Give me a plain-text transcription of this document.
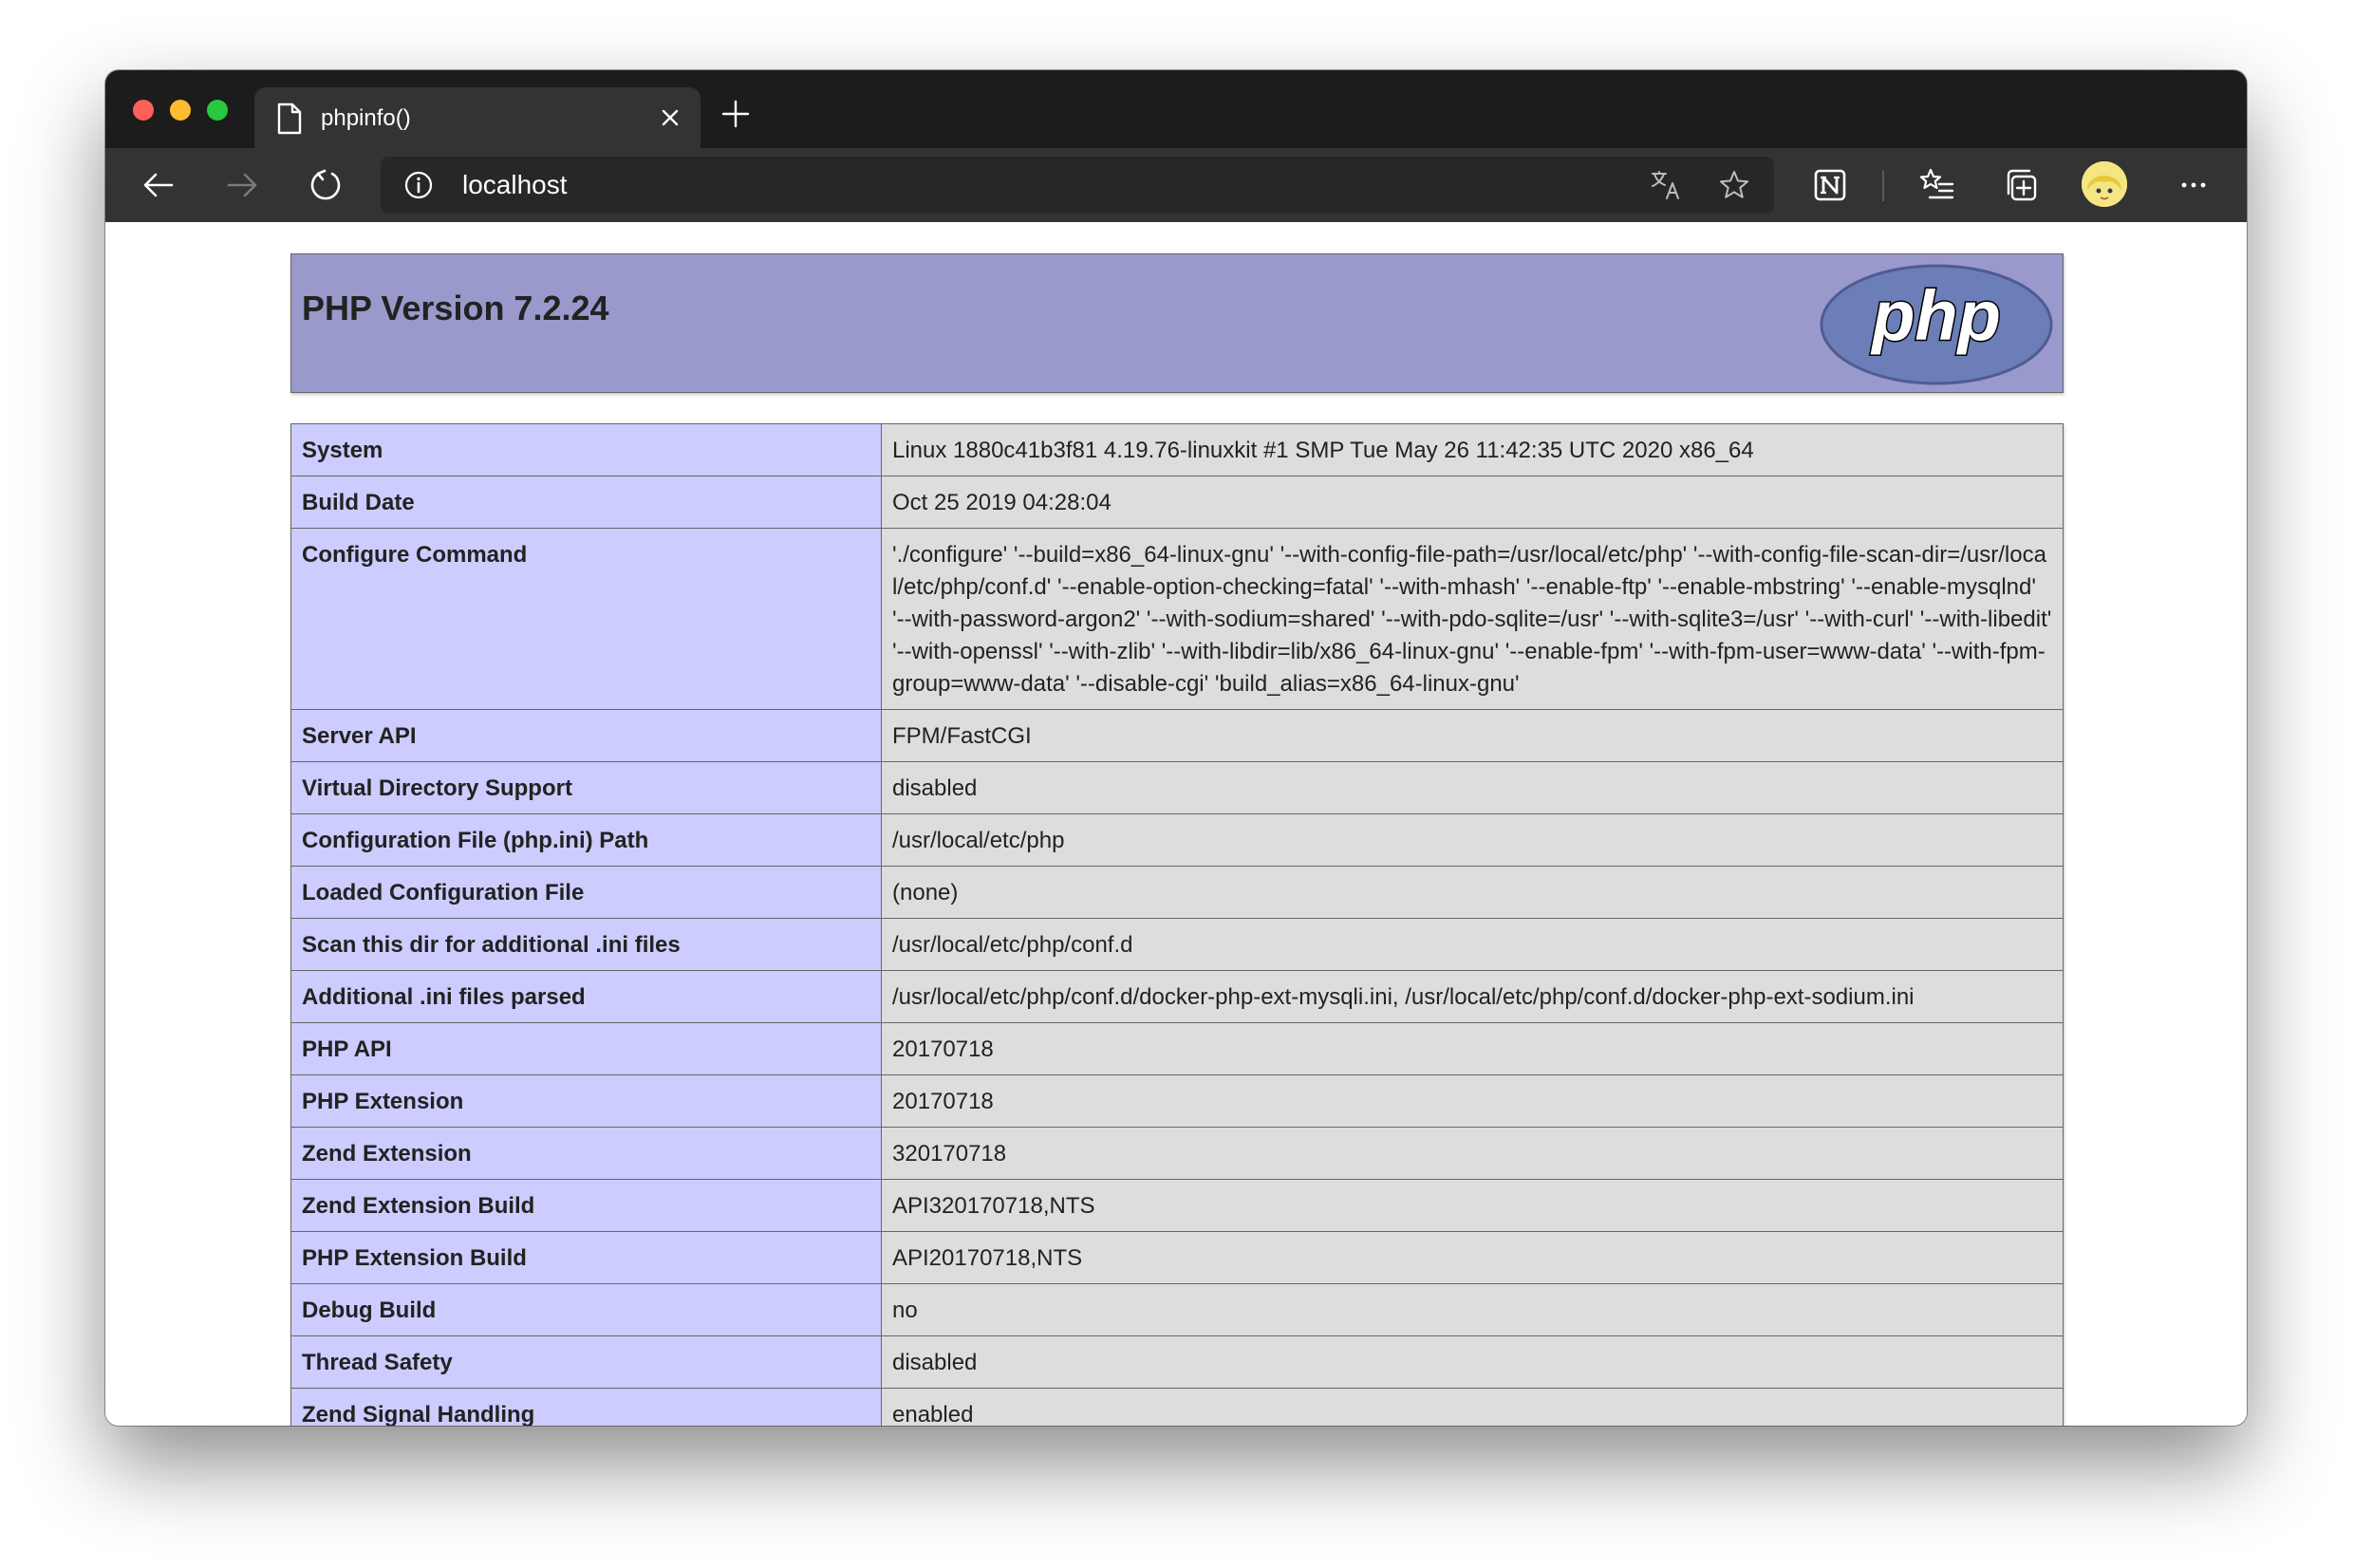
phpinfo()
localhost
PHP Version 7.2.24	php
System	Linux 1880c41b3f81 4.19.76-linuxkit #1 SMP Tue May 26 11:42:35 UTC 2020 x86_64
Build Date	Oct 25 2019 04:28:04
Configure Command	'./configure' '--build=x86_64-linux-gnu' '--with-config-file-path=/usr/local/etc/php' '--with-config-file-scan-dir=/usr/local/etc/php/conf.d' '--enable-option-checking=fatal' '--with-mhash' '--enable-ftp' '--enable-mbstring' '--enable-mysqlnd' '--with-password-argon2' '--with-sodium=shared' '--with-pdo-sqlite=/usr' '--with-sqlite3=/usr' '--with-curl' '--with-libedit' '--with-openssl' '--with-zlib' '--with-libdir=lib/x86_64-linux-gnu' '--enable-fpm' '--with-fpm-user=www-data' '--with-fpm-group=www-data' '--disable-cgi' 'build_alias=x86_64-linux-gnu'
Server API	FPM/FastCGI
Virtual Directory Support	disabled
Configuration File (php.ini) Path	/usr/local/etc/php
Loaded Configuration File	(none)
Scan this dir for additional .ini files	/usr/local/etc/php/conf.d
Additional .ini files parsed	/usr/local/etc/php/conf.d/docker-php-ext-mysqli.ini, /usr/local/etc/php/conf.d/docker-php-ext-sodium.ini
PHP API	20170718
PHP Extension	20170718
Zend Extension	320170718
Zend Extension Build	API320170718,NTS
PHP Extension Build	API20170718,NTS
Debug Build	no
Thread Safety	disabled
Zend Signal Handling	enabled
